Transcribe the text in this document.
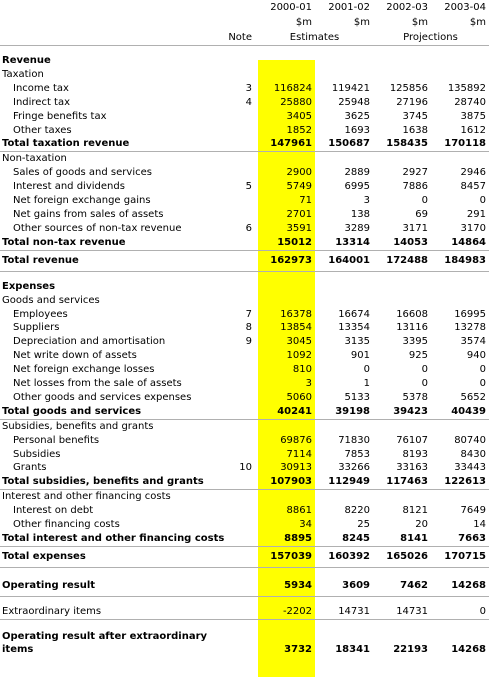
		2000-01	2001-02	2002-03	2003-04
		$m	$m	$m	$m
	Note	Estimates		Projections	

Revenue					
Taxation					
Income tax	3	116824	119421	125856	135892
Indirect tax	4	25880	25948	27196	28740
Fringe benefits tax		3405	3625	3745	3875
Other taxes		1852	1693	1638	1612
Total taxation revenue		147961	150687	158435	170118
Non-taxation					
Sales of goods and services		2900	2889	2927	2946
Interest and dividends	5	5749	6995	7886	8457
Net foreign exchange gains		71	3	0	0
Net gains from sales of assets		2701	138	69	291
Other sources of non-tax revenue	6	3591	3289	3171	3170
Total non-tax revenue		15012	13314	14053	14864
Total revenue		162973	164001	172488	184983

Expenses					
Goods and services					
Employees	7	16378	16674	16608	16995
Suppliers	8	13854	13354	13116	13278
Depreciation and amortisation	9	3045	3135	3395	3574
Net write down of assets		1092	901	925	940
Net foreign exchange losses		810	0	0	0
Net losses from the sale of assets		3	1	0	0
Other goods and services expenses		5060	5133	5378	5652
Total goods and services		40241	39198	39423	40439
Subsidies, benefits and grants					
Personal benefits		69876	71830	76107	80740
Subsidies		7114	7853	8193	8430
Grants	10	30913	33266	33163	33443
Total subsidies, benefits and grants		107903	112949	117463	122613
Interest and other financing costs					
Interest on debt		8861	8220	8121	7649
Other financing costs		34	25	20	14
Total interest and other financing costs		8895	8245	8141	7663
Total expenses		157039	160392	165026	170715

Operating result		5934	3609	7462	14268

Extraordinary items		-2202	14731	14731	0

Operating result after extraordinary items		3732	18341	22193	14268
